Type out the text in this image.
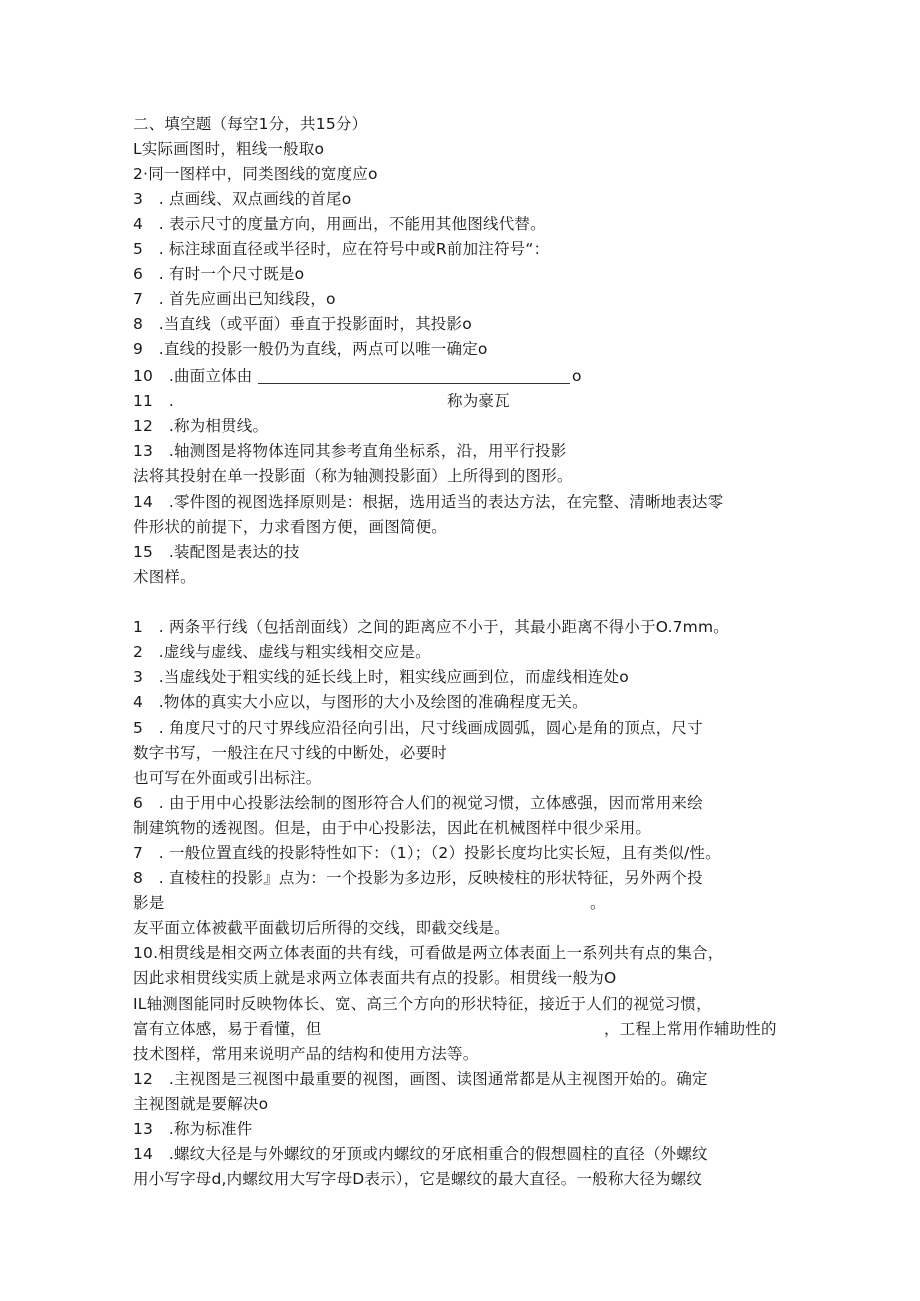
二、填空题（每空1分，共15分）
L实际画图时，粗线一般取o
2·同一图样中，同类图线的宽度应o
3　. 点画线、双点画线的首尾o
4　. 表示尺寸的度量方向，用画出，不能用其他图线代替。
5　. 标注球面直径或半径时，应在符号中或R前加注符号“：
6　. 有时一个尺寸既是o
7　. 首先应画出已知线段，o
8　.当直线（或平面）垂直于投影面时，其投影o
9　.直线的投影一般仍为直线，两点可以唯一确定o
10　.曲面立体由	o
11　.	称为豪瓦
12　.称为相贯线。
13　.轴测图是将物体连同其参考直角坐标系，沿，用平行投影
法将其投射在单一投影面（称为轴测投影面）上所得到的图形。
14　.零件图的视图选择原则是：根据，选用适当的表达方法，在完整、清晰地表达零
件形状的前提下，力求看图方便，画图简便。
15　.装配图是表达的技
术图样。
1　. 两条平行线（包括剖面线）之间的距离应不小于，其最小距离不得小于O.7mm。
2　.虚线与虚线、虚线与粗实线相交应是。
3　.当虚线处于粗实线的延长线上时，粗实线应画到位，而虚线相连处o
4　.物体的真实大小应以，与图形的大小及绘图的准确程度无关。
5　. 角度尺寸的尺寸界线应沿径向引出，尺寸线画成圆弧，圆心是角的顶点，尺寸
数字书写，一般注在尺寸线的中断处，必要时
也可写在外面或引出标注。
6　. 由于用中心投影法绘制的图形符合人们的视觉习惯，立体感强，因而常用来绘
制建筑物的透视图。但是，由于中心投影法，因此在机械图样中很少采用。
7　. 一般位置直线的投影特性如下：（1）；（2）投影长度均比实长短，且有类似/性。
8　. 直棱柱的投影』点为：一个投影为多边形，反映棱柱的形状特征，另外两个投
影是	。
友平面立体被截平面截切后所得的交线，即截交线是。
10.相贯线是相交两立体表面的共有线，可看做是两立体表面上一系列共有点的集合，
因此求相贯线实质上就是求两立体表面共有点的投影。相贯线一般为O
IL轴测图能同时反映物体长、宽、高三个方向的形状特征，接近于人们的视觉习惯，
富有立体感，易于看懂，但	，工程上常用作辅助性的
技术图样，常用来说明产品的结构和使用方法等。
12　.主视图是三视图中最重要的视图，画图、读图通常都是从主视图开始的。确定
主视图就是要解决o
13　.称为标准件
14　.螺纹大径是与外螺纹的牙顶或内螺纹的牙底相重合的假想圆柱的直径（外螺纹
用小写字母d,内螺纹用大写字母D表示），它是螺纹的最大直径。一般称大径为螺纹
